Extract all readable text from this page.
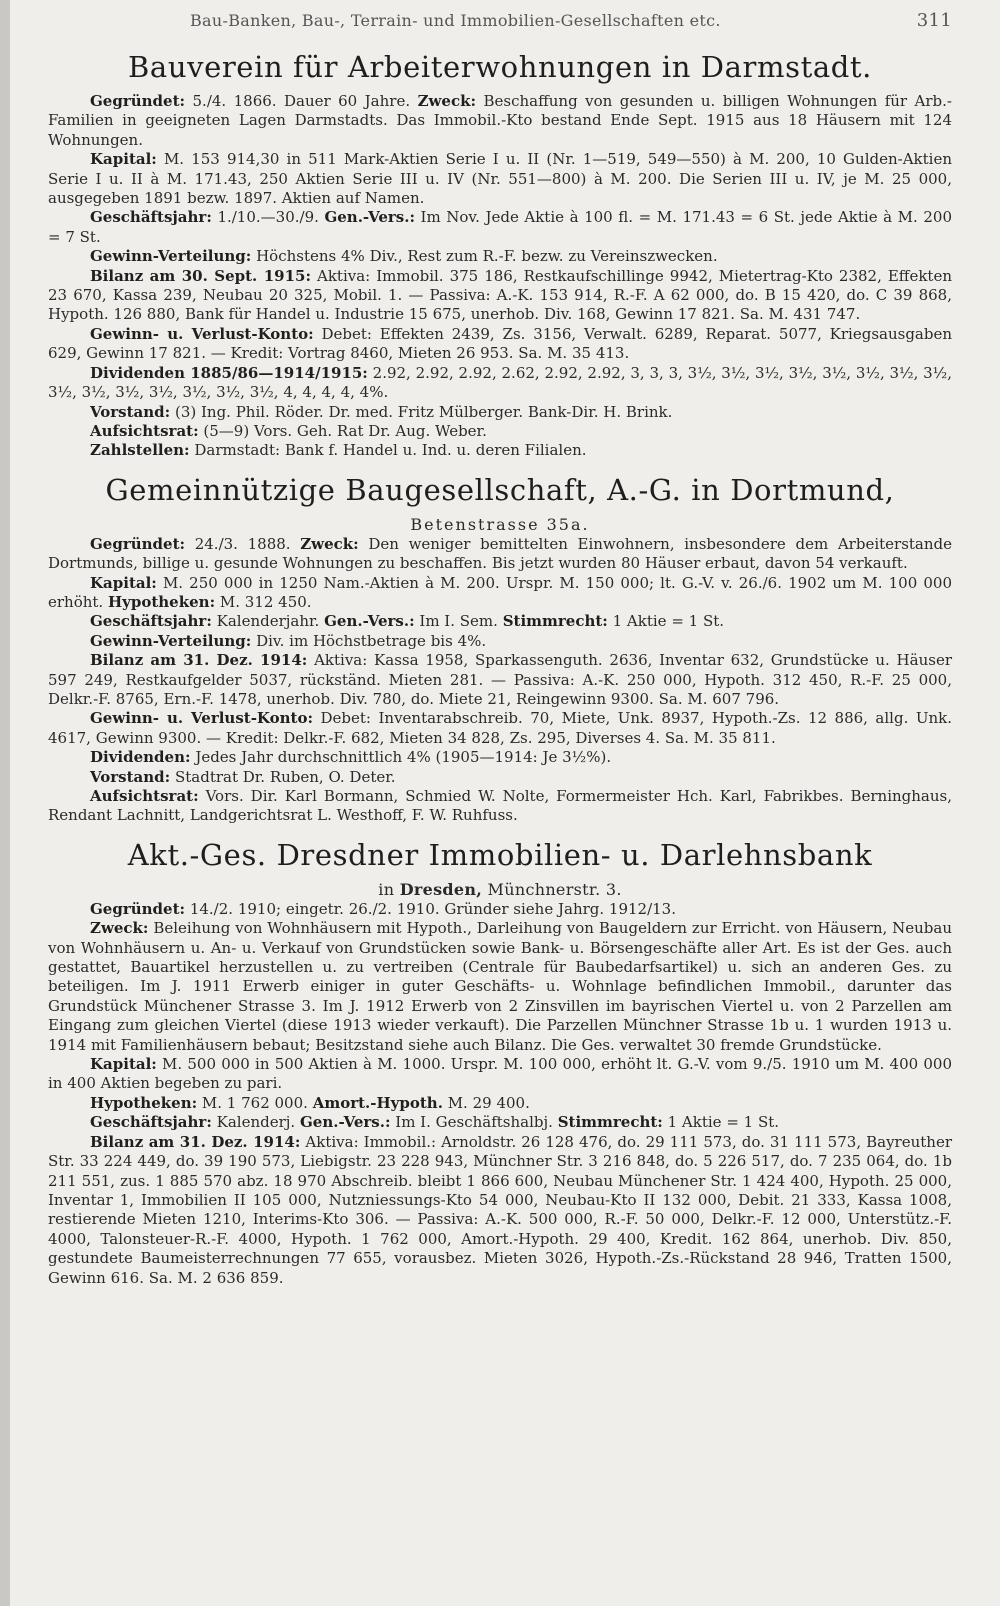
Bau-Banken, Bau-, Terrain- und Immobilien-Gesellschaften etc.	311
Bauverein für Arbeiterwohnungen in Darmstadt.

Gegründet: 5./4. 1866. Dauer 60 Jahre. Zweck: Beschaffung von gesunden u. billigen Wohnungen für Arb.-Familien in geeigneten Lagen Darmstadts. Das Immobil.-Kto bestand Ende Sept. 1915 aus 18 Häusern mit 124 Wohnungen.

Kapital: M. 153 914,30 in 511 Mark-Aktien Serie I u. II (Nr. 1—519, 549—550) à M. 200, 10 Gulden-Aktien Serie I u. II à M. 171.43, 250 Aktien Serie III u. IV (Nr. 551—800) à M. 200. Die Serien III u. IV, je M. 25 000, ausgegeben 1891 bezw. 1897. Aktien auf Namen.

Geschäftsjahr: 1./10.—30./9. Gen.-Vers.: Im Nov. Jede Aktie à 100 fl. = M. 171.43 = 6 St. jede Aktie à M. 200 = 7 St.

Gewinn-Verteilung: Höchstens 4% Div., Rest zum R.-F. bezw. zu Vereinszwecken.

Bilanz am 30. Sept. 1915: Aktiva: Immobil. 375 186, Restkaufschillinge 9942, Mietertrag-Kto 2382, Effekten 23 670, Kassa 239, Neubau 20 325, Mobil. 1. — Passiva: A.-K. 153 914, R.-F. A 62 000, do. B 15 420, do. C 39 868, Hypoth. 126 880, Bank für Handel u. Industrie 15 675, unerhob. Div. 168, Gewinn 17 821. Sa. M. 431 747.

Gewinn- u. Verlust-Konto: Debet: Effekten 2439, Zs. 3156, Verwalt. 6289, Reparat. 5077, Kriegsausgaben 629, Gewinn 17 821. — Kredit: Vortrag 8460, Mieten 26 953. Sa. M. 35 413.

Dividenden 1885/86—1914/1915: 2.92, 2.92, 2.92, 2.62, 2.92, 2.92, 3, 3, 3, 3½, 3½, 3½, 3½, 3½, 3½, 3½, 3½, 3½, 3½, 3½, 3½, 3½, 3½, 3½, 4, 4, 4, 4, 4%.

Vorstand: (3) Ing. Phil. Röder. Dr. med. Fritz Mülberger. Bank-Dir. H. Brink.

Aufsichtsrat: (5—9) Vors. Geh. Rat Dr. Aug. Weber.

Zahlstellen: Darmstadt: Bank f. Handel u. Ind. u. deren Filialen.

Gemeinnützige Baugesellschaft, A.-G. in Dortmund,
Betenstrasse 35a.

Gegründet: 24./3. 1888. Zweck: Den weniger bemittelten Einwohnern, insbesondere dem Arbeiterstande Dortmunds, billige u. gesunde Wohnungen zu beschaffen. Bis jetzt wurden 80 Häuser erbaut, davon 54 verkauft.

Kapital: M. 250 000 in 1250 Nam.-Aktien à M. 200. Urspr. M. 150 000; lt. G.-V. v. 26./6. 1902 um M. 100 000 erhöht. Hypotheken: M. 312 450.

Geschäftsjahr: Kalenderjahr. Gen.-Vers.: Im I. Sem. Stimmrecht: 1 Aktie = 1 St.

Gewinn-Verteilung: Div. im Höchstbetrage bis 4%.

Bilanz am 31. Dez. 1914: Aktiva: Kassa 1958, Sparkassenguth. 2636, Inventar 632, Grundstücke u. Häuser 597 249, Restkaufgelder 5037, rückständ. Mieten 281. — Passiva: A.-K. 250 000, Hypoth. 312 450, R.-F. 25 000, Delkr.-F. 8765, Ern.-F. 1478, unerhob. Div. 780, do. Miete 21, Reingewinn 9300. Sa. M. 607 796.

Gewinn- u. Verlust-Konto: Debet: Inventarabschreib. 70, Miete, Unk. 8937, Hypoth.-Zs. 12 886, allg. Unk. 4617, Gewinn 9300. — Kredit: Delkr.-F. 682, Mieten 34 828, Zs. 295, Diverses 4. Sa. M. 35 811.

Dividenden: Jedes Jahr durchschnittlich 4% (1905—1914: Je 3½%).

Vorstand: Stadtrat Dr. Ruben, O. Deter.

Aufsichtsrat: Vors. Dir. Karl Bormann, Schmied W. Nolte, Formermeister Hch. Karl, Fabrikbes. Berninghaus, Rendant Lachnitt, Landgerichtsrat L. Westhoff, F. W. Ruhfuss.

Akt.-Ges. Dresdner Immobilien- u. Darlehnsbank
in Dresden, Münchnerstr. 3.

Gegründet: 14./2. 1910; eingetr. 26./2. 1910. Gründer siehe Jahrg. 1912/13.

Zweck: Beleihung von Wohnhäusern mit Hypoth., Darleihung von Baugeldern zur Erricht. von Häusern, Neubau von Wohnhäusern u. An- u. Verkauf von Grundstücken sowie Bank- u. Börsengeschäfte aller Art. Es ist der Ges. auch gestattet, Bauartikel herzustellen u. zu vertreiben (Centrale für Baubedarfsartikel) u. sich an anderen Ges. zu beteiligen. Im J. 1911 Erwerb einiger in guter Geschäfts- u. Wohnlage befindlichen Immobil., darunter das Grundstück Münchener Strasse 3. Im J. 1912 Erwerb von 2 Zinsvillen im bayrischen Viertel u. von 2 Parzellen am Eingang zum gleichen Viertel (diese 1913 wieder verkauft). Die Parzellen Münchner Strasse 1b u. 1 wurden 1913 u. 1914 mit Familienhäusern bebaut; Besitzstand siehe auch Bilanz. Die Ges. verwaltet 30 fremde Grundstücke.

Kapital: M. 500 000 in 500 Aktien à M. 1000. Urspr. M. 100 000, erhöht lt. G.-V. vom 9./5. 1910 um M. 400 000 in 400 Aktien begeben zu pari.

Hypotheken: M. 1 762 000. Amort.-Hypoth. M. 29 400.

Geschäftsjahr: Kalenderj. Gen.-Vers.: Im I. Geschäftshalbj. Stimmrecht: 1 Aktie = 1 St.

Bilanz am 31. Dez. 1914: Aktiva: Immobil.: Arnoldstr. 26 128 476, do. 29 111 573, do. 31 111 573, Bayreuther Str. 33 224 449, do. 39 190 573, Liebigstr. 23 228 943, Münchner Str. 3 216 848, do. 5 226 517, do. 7 235 064, do. 1b 211 551, zus. 1 885 570 abz. 18 970 Abschreib. bleibt 1 866 600, Neubau Münchener Str. 1 424 400, Hypoth. 25 000, Inventar 1, Immobilien II 105 000, Nutzniessungs-Kto 54 000, Neubau-Kto II 132 000, Debit. 21 333, Kassa 1008, restierende Mieten 1210, Interims-Kto 306. — Passiva: A.-K. 500 000, R.-F. 50 000, Delkr.-F. 12 000, Unterstütz.-F. 4000, Talonsteuer-R.-F. 4000, Hypoth. 1 762 000, Amort.-Hypoth. 29 400, Kredit. 162 864, unerhob. Div. 850, gestundete Baumeisterrechnungen 77 655, vorausbez. Mieten 3026, Hypoth.-Zs.-Rückstand 28 946, Tratten 1500, Gewinn 616. Sa. M. 2 636 859.
